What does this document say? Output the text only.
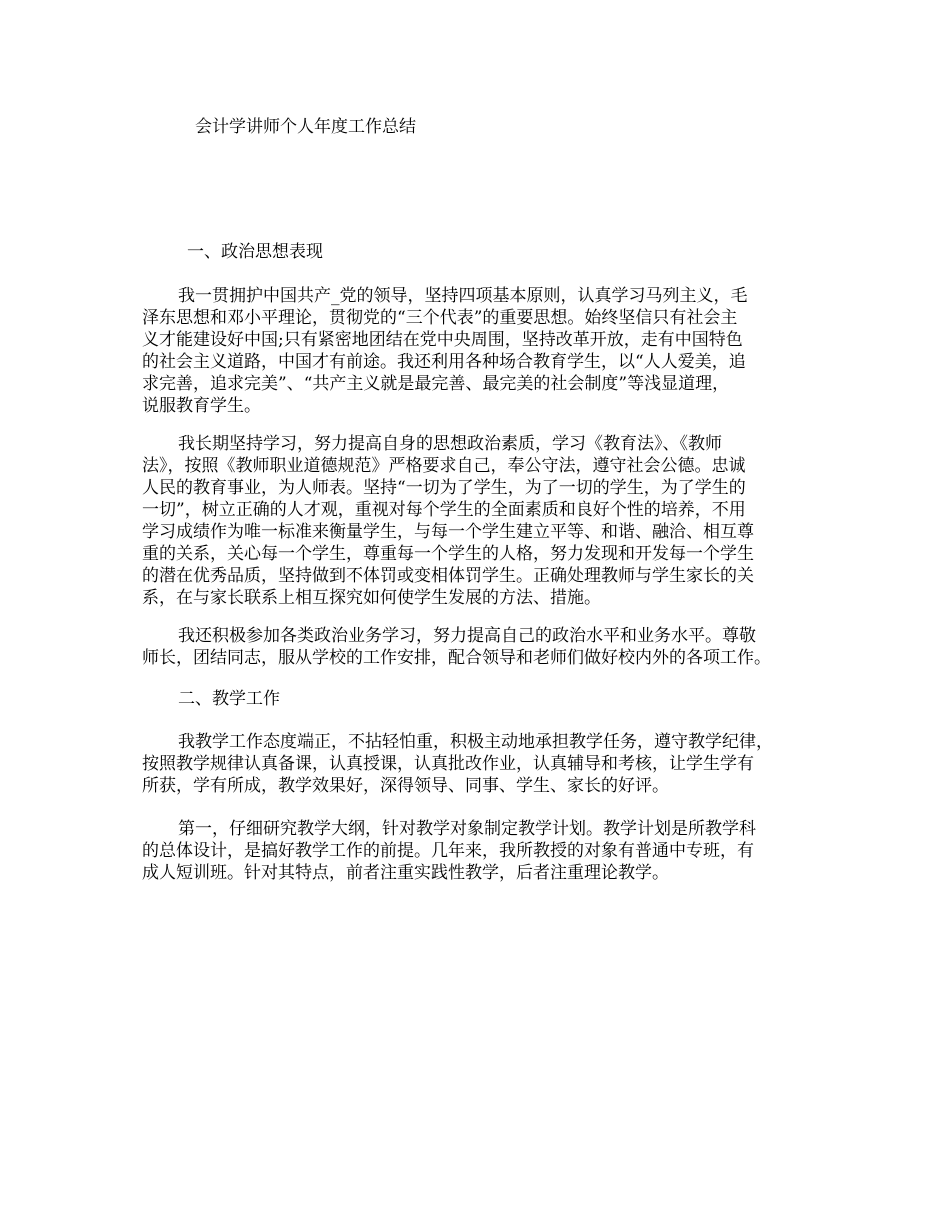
会计学讲师个人年度工作总结
一、政治思想表现

我一贯拥护中国共产_党的领导，坚持四项基本原则，认真学习马列主义，毛
泽东思想和邓小平理论，贯彻党的“三个代表”的重要思想。始终坚信只有社会主
义才能建设好中国;只有紧密地团结在党中央周围，坚持改革开放，走有中国特色
的社会主义道路，中国才有前途。我还利用各种场合教育学生，以“人人爱美，追
求完善，追求完美”、“共产主义就是最完善、最完美的社会制度”等浅显道理，
说服教育学生。

我长期坚持学习，努力提高自身的思想政治素质，学习《教育法》、《教师
法》，按照《教师职业道德规范》严格要求自己，奉公守法，遵守社会公德。忠诚
人民的教育事业，为人师表。坚持“一切为了学生，为了一切的学生，为了学生的
一切”，树立正确的人才观，重视对每个学生的全面素质和良好个性的培养，不用
学习成绩作为唯一标准来衡量学生，与每一个学生建立平等、和谐、融洽、相互尊
重的关系，关心每一个学生，尊重每一个学生的人格，努力发现和开发每一个学生
的潜在优秀品质，坚持做到不体罚或变相体罚学生。正确处理教师与学生家长的关
系，在与家长联系上相互探究如何使学生发展的方法、措施。

我还积极参加各类政治业务学习，努力提高自己的政治水平和业务水平。尊敬
师长，团结同志，服从学校的工作安排，配合领导和老师们做好校内外的各项工作。

二、教学工作

我教学工作态度端正，不拈轻怕重，积极主动地承担教学任务，遵守教学纪律，
按照教学规律认真备课，认真授课，认真批改作业，认真辅导和考核，让学生学有
所获，学有所成，教学效果好，深得领导、同事、学生、家长的好评。

第一，仔细研究教学大纲，针对教学对象制定教学计划。教学计划是所教学科
的总体设计，是搞好教学工作的前提。几年来，我所教授的对象有普通中专班，有
成人短训班。针对其特点，前者注重实践性教学，后者注重理论教学。
